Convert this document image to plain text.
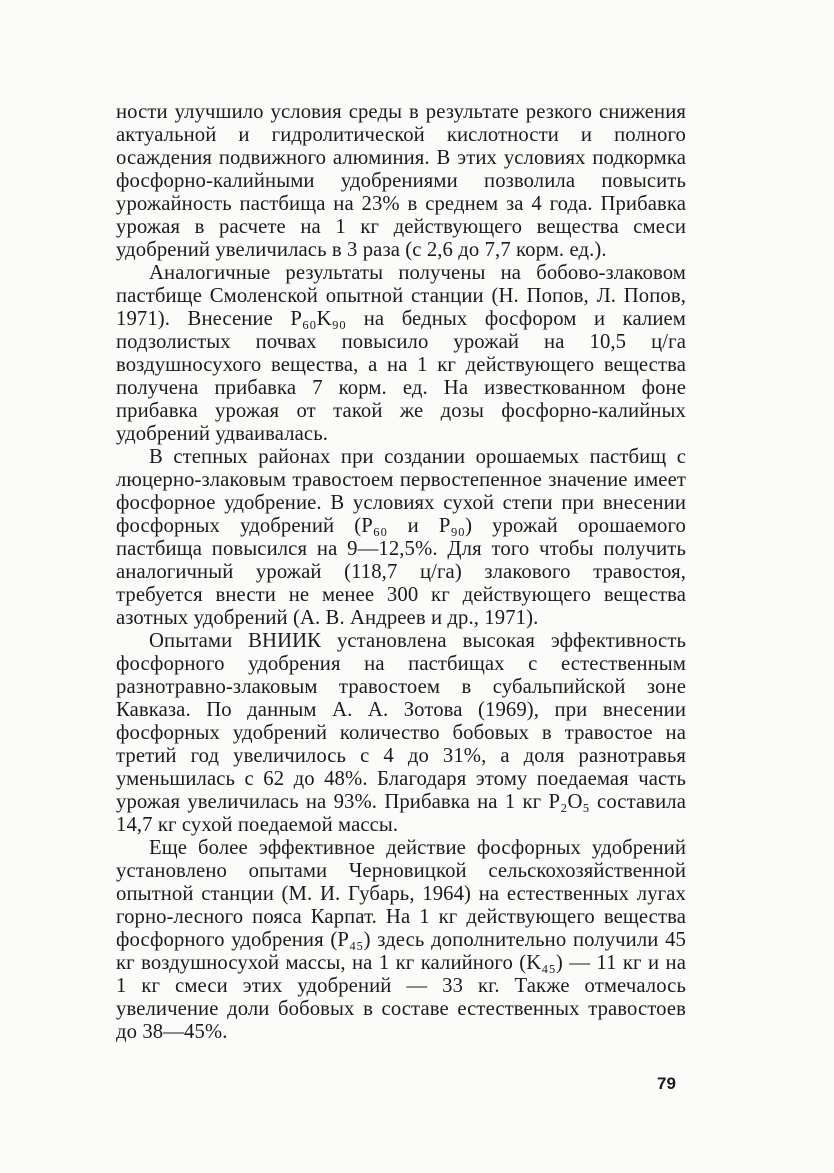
ности улучшило условия среды в результате резкого снижения актуальной и гидролитической кислотности и полного осаждения подвижного алюминия. В этих условиях подкормка фосфорно-калийными удобрениями позволила повысить урожайность пастбища на 23% в среднем за 4 года. Прибавка урожая в расчете на 1 кг действующего вещества смеси удобрений увеличилась в 3 раза (с 2,6 до 7,7 корм. ед.).

Аналогичные результаты получены на бобово-злаковом пастбище Смоленской опытной станции (Н. Попов, Л. Попов, 1971). Внесение P₆₀K₉₀ на бедных фосфором и калием подзолистых почвах повысило урожай на 10,5 ц/га воздушносухого вещества, а на 1 кг действующего вещества получена прибавка 7 корм. ед. На известкованном фоне прибавка урожая от такой же дозы фосфорно-калийных удобрений удваивалась.

В степных районах при создании орошаемых пастбищ с люцерно-злаковым травостоем первостепенное значение имеет фосфорное удобрение. В условиях сухой степи при внесении фосфорных удобрений (P₆₀ и P₉₀) урожай орошаемого пастбища повысился на 9—12,5%. Для того чтобы получить аналогичный урожай (118,7 ц/га) злакового травостоя, требуется внести не менее 300 кг действующего вещества азотных удобрений (А. В. Андреев и др., 1971).

Опытами ВНИИК установлена высокая эффективность фосфорного удобрения на пастбищах с естественным разнотравно-злаковым травостоем в субальпийской зоне Кавказа. По данным А. А. Зотова (1969), при внесении фосфорных удобрений количество бобовых в травостое на третий год увеличилось с 4 до 31%, а доля разнотравья уменьшилась с 62 до 48%. Благодаря этому поедаемая часть урожая увеличилась на 93%. Прибавка на 1 кг P₂O₅ составила 14,7 кг сухой поедаемой массы.

Еще более эффективное действие фосфорных удобрений установлено опытами Черновицкой сельскохозяйственной опытной станции (М. И. Губарь, 1964) на естественных лугах горно-лесного пояса Карпат. На 1 кг действующего вещества фосфорного удобрения (P₄₅) здесь дополнительно получили 45 кг воздушносухой массы, на 1 кг калийного (K₄₅) — 11 кг и на 1 кг смеси этих удобрений — 33 кг. Также отмечалось увеличение доли бобовых в составе естественных травостоев до 38—45%.

79
